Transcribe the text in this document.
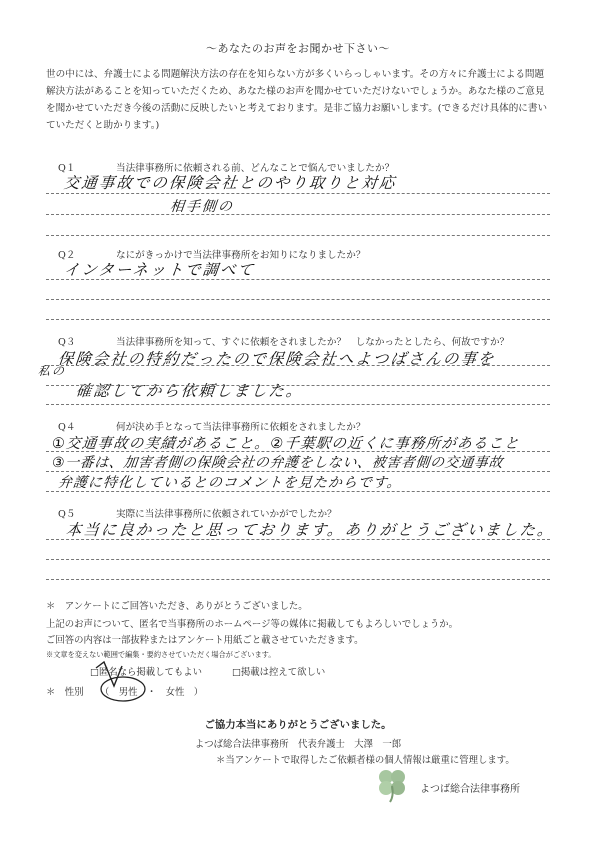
～あなたのお声をお聞かせ下さい～
世の中には、弁護士による問題解決方法の存在を知らない方が多くいらっしゃいます。その方々に弁護士による問題解決方法があることを知っていただくため、あなた様のお声を聞かせていただけないでしょうか。あなた様のご意見を聞かせていただき今後の活動に反映したいと考えております。是非ご協力お願いします。(できるだけ具体的に書いていただくと助かります。)
Q１	当法律事務所に依頼される前、どんなことで悩んでいましたか？
交通事故での保険会社とのやり取りと対応
相手側の
Q２	なにがきっかけで当法律事務所をお知りになりましたか？
インターネットで調べて
Q３	当法律事務所を知って、すぐに依頼をされましたか？　しなかったとしたら、何故ですか？
保険会社の特約だったので保険会社へよつばさんの事を
私の
確認してから依頼しました。
Q４	何が決め手となって当法律事務所に依頼をされましたか？
①交通事故の実績があること。②千葉駅の近くに事務所があること
③一番は、加害者側の保険会社の弁護をしない、被害者側の交通事故
弁護に特化しているとのコメントを見たからです。
Q５	実際に当法律事務所に依頼されていかがでしたか？
本当に良かったと思っております。ありがとうございました。
＊　アンケートにご回答いただき、ありがとうございました。
上記のお声について、匿名で当事務所のホームページ等の媒体に掲載してもよろしいでしょうか。
ご回答の内容は一部抜粋またはアンケート用紙ごと載させていただきます。
※文章を変えない範囲で編集・要約させていただく場合がございます。
□匿名なら掲載してもよい	□掲載は控えて欲しい
＊　性別 （　男性　・　女性　）
ご協力本当にありがとうございました。
よつば総合法律事務所　代表弁護士　大澤　一郎
＊当アンケートで取得したご依頼者様の個人情報は厳重に管理します。
よつば総合法律事務所
